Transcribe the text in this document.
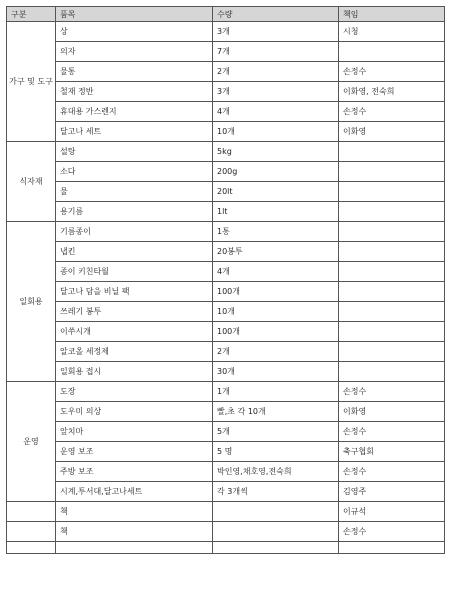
구분	품목	수량	책임
가구 및 도구	상	3개	시청
	의자	7개	
	물통	2개	손정수
	철재 정반	3개	이화영, 전숙희
	휴대용 가스렌지	4개	손정수
	달고나 세트	10개	이화영
식자재	설탕	5kg	
	소다	200g	
	물	20lt	
	용기름	1lt	
일회용	기름종이	1통	
	냅킨	20봉투	
	종이 키친타월	4개	
	달고나 담을 비닐 팩	100개	
	쓰레기 봉투	10개	
	이쑤시개	100개	
	알코올 세정제	2개	
	일회용 접시	30개	
운영	도장	1개	손정수
	도우미 의상	빨,초 각 10개	이화영
	앞치마	5개	손정수
	운영 보조	5 명	축구협회
	주방 보조	박인영,채호영,전숙희	손정수
	시계,투서대,달고나세트	각 3개씩	김영주
	책		이규석
	책		손정수
